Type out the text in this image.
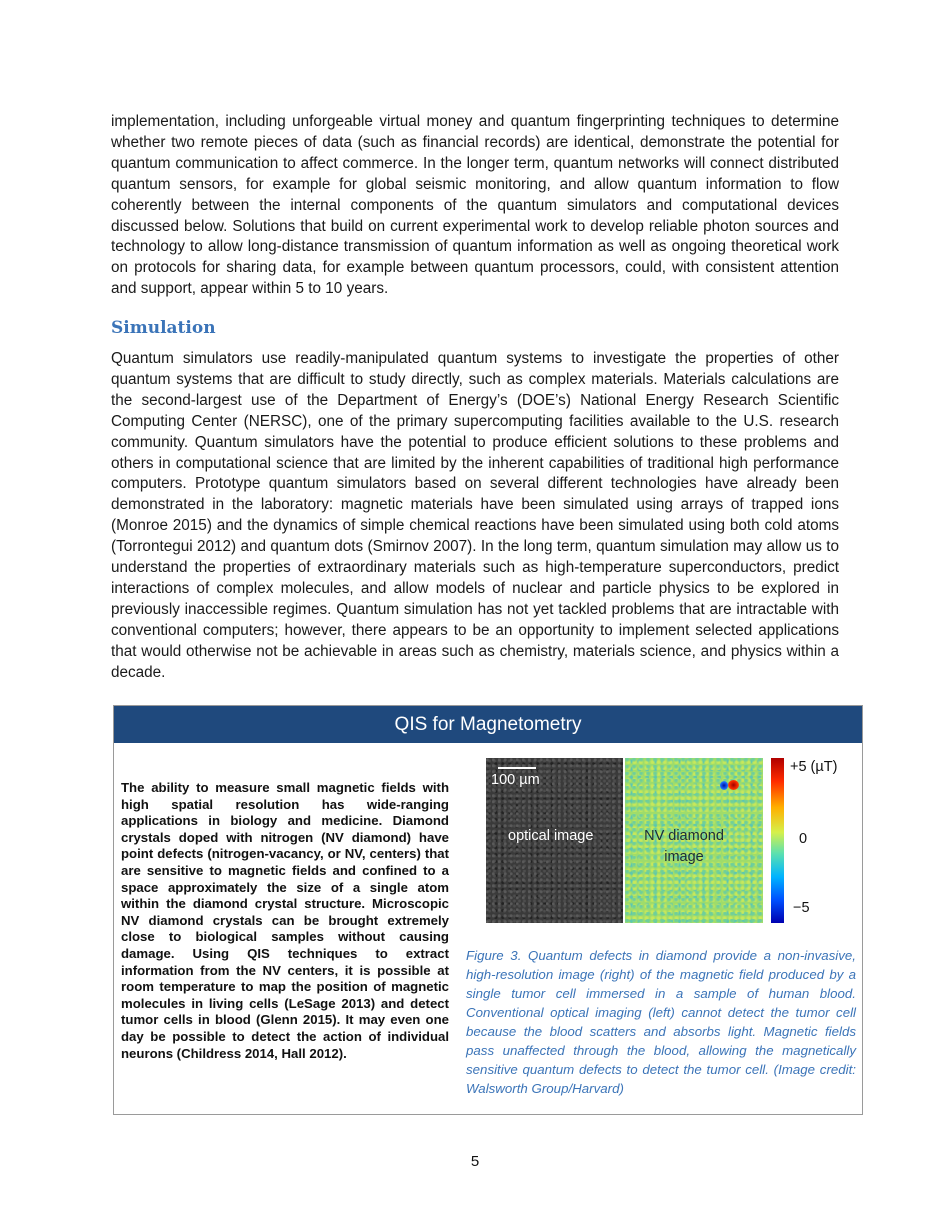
implementation, including unforgeable virtual money and quantum fingerprinting techniques to determine whether two remote pieces of data (such as financial records) are identical, demonstrate the potential for quantum communication to affect commerce. In the longer term, quantum networks will connect distributed quantum sensors, for example for global seismic monitoring, and allow quantum information to flow coherently between the internal components of the quantum simulators and computational devices discussed below. Solutions that build on current experimental work to develop reliable photon sources and technology to allow long-distance transmission of quantum information as well as ongoing theoretical work on protocols for sharing data, for example between quantum processors, could, with consistent attention and support, appear within 5 to 10 years.

Simulation

Quantum simulators use readily-manipulated quantum systems to investigate the properties of other quantum systems that are difficult to study directly, such as complex materials. Materials calculations are the second-largest use of the Department of Energy’s (DOE’s) National Energy Research Scientific Computing Center (NERSC), one of the primary supercomputing facilities available to the U.S. research community. Quantum simulators have the potential to produce efficient solutions to these problems and others in computational science that are limited by the inherent capabilities of traditional high performance computers. Prototype quantum simulators based on several different technologies have already been demonstrated in the laboratory: magnetic materials have been simulated using arrays of trapped ions (Monroe 2015) and the dynamics of simple chemical reactions have been simulated using both cold atoms (Torrontegui 2012) and quantum dots (Smirnov 2007). In the long term, quantum simulation may allow us to understand the properties of extraordinary materials such as high-temperature superconductors, predict interactions of complex molecules, and allow models of nuclear and particle physics to be explored in previously inaccessible regimes. Quantum simulation has not yet tackled problems that are intractable with conventional computers; however, there appears to be an opportunity to implement selected applications that would otherwise not be achievable in areas such as chemistry, materials science, and physics within a decade.

QIS for Magnetometry

The ability to measure small magnetic fields with high spatial resolution has wide-ranging applications in biology and medicine. Diamond crystals doped with nitrogen (NV diamond) have point defects (nitrogen-vacancy, or NV, centers) that are sensitive to magnetic fields and confined to a space approximately the size of a single atom within the diamond crystal structure. Microscopic NV diamond crystals can be brought extremely close to biological samples without causing damage. Using QIS techniques to extract information from the NV centers, it is possible at room temperature to map the position of magnetic molecules in living cells (LeSage 2013) and detect tumor cells in blood (Glenn 2015). It may even one day be possible to detect the action of individual neurons (Childress 2014, Hall 2012).

100 µm
optical image	NV diamond
image
+5 (µT)
0
−5

Figure 3. Quantum defects in diamond provide a non-invasive, high-resolution image (right) of the magnetic field produced by a single tumor cell immersed in a sample of human blood. Conventional optical imaging (left) cannot detect the tumor cell because the blood scatters and absorbs light. Magnetic fields pass unaffected through the blood, allowing the magnetically sensitive quantum defects to detect the tumor cell. (Image credit: Walsworth Group/Harvard)

5
